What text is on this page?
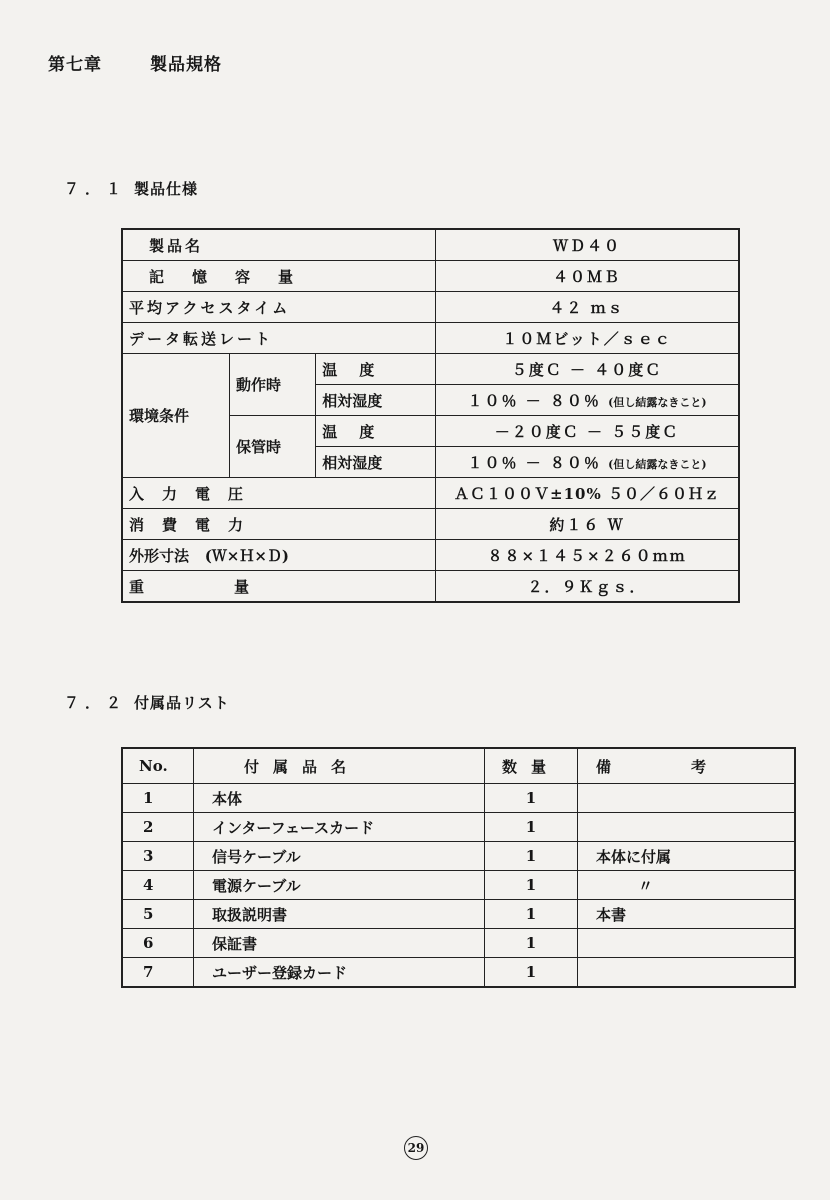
第七章	製品規格
７．１ 製品仕様
製品名			ＷＤ４０

記憶容量			４０ＭＢ
平均アクセスタイム			４２ ｍｓ
データ転送レート			１０Ｍビット／ｓｅｃ
環境条件	動作時	温度	５度Ｃ － ４０度Ｃ
		相対湿度	１０％ － ８０％ (但し結露なきこと)
	保管時	温度	－２０度Ｃ － ５５度Ｃ
		相対湿度	１０％ － ８０％ (但し結露なきこと)
入力電圧			ＡＣ１００Ｖ±10% ５０／６０Ｈｚ
消費電力			約１６ Ｗ
外形寸法 (Ｗ×Ｈ×Ｄ)			８８×１４５×２６０ｍｍ

重量			２．９Ｋｇｓ．
７．２ 付属品リスト
No.	付属品名	数量	備考
1	本体	1	
2	インターフェースカード	1	
3	信号ケーブル	1	本体に付属
4	電源ケーブル	1	〃
5	取扱説明書	1	本書
6	保証書	1	
7	ユーザー登録カード	1	
29
